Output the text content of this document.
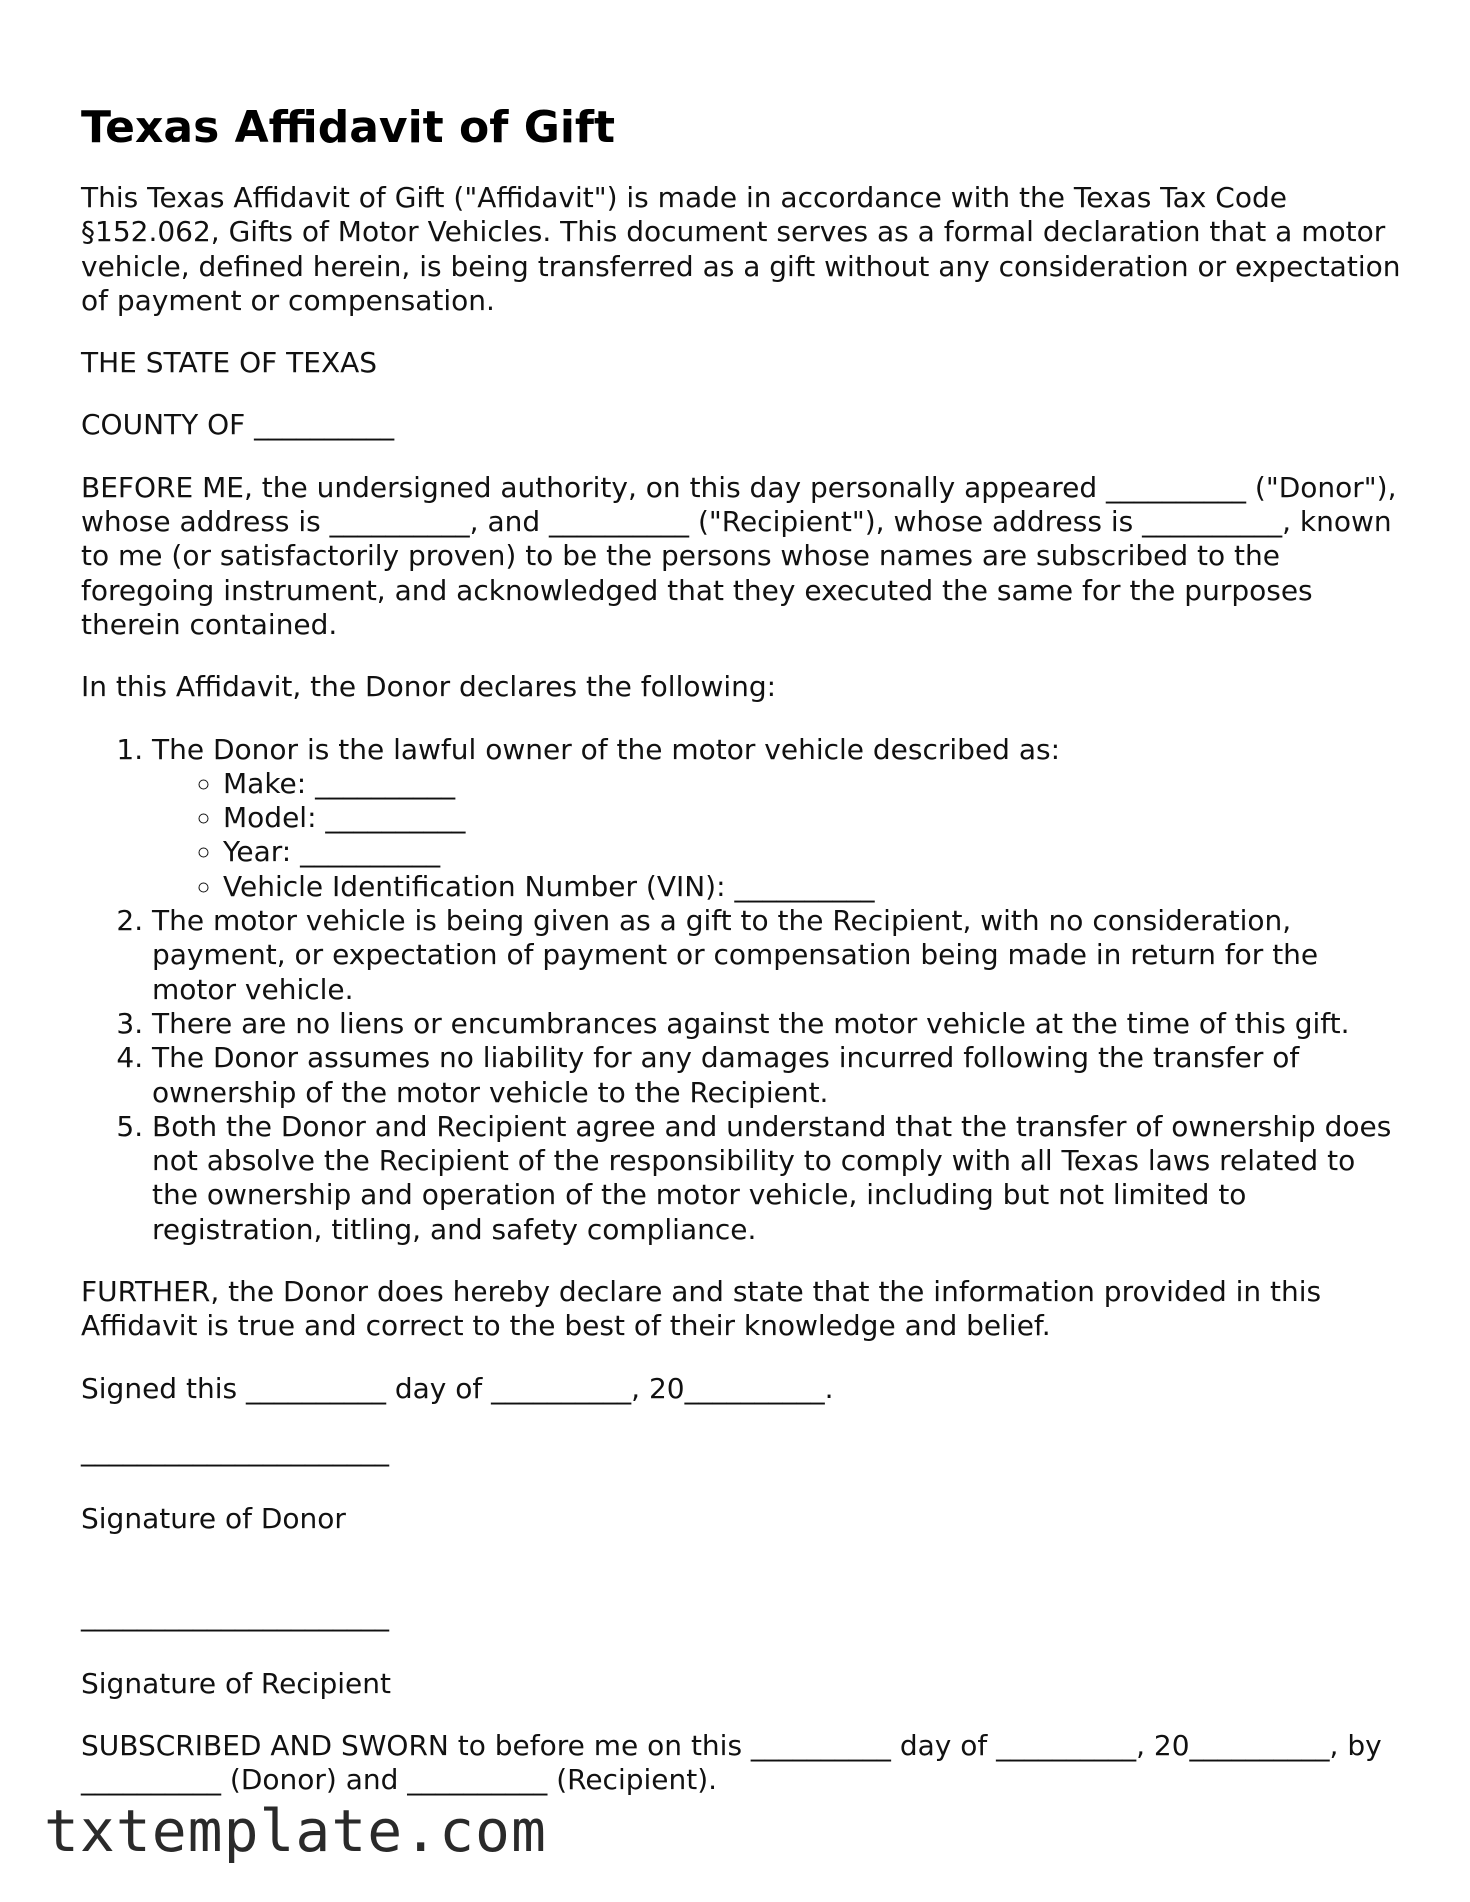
Texas Affidavit of Gift

This Texas Affidavit of Gift ("Affidavit") is made in accordance with the Texas Tax Code §152.062, Gifts of Motor Vehicles. This document serves as a formal declaration that a motor vehicle, defined herein, is being transferred as a gift without any consideration or expectation of payment or compensation.

THE STATE OF TEXAS

COUNTY OF __________

BEFORE ME, the undersigned authority, on this day personally appeared __________ ("Donor"), whose address is __________, and __________ ("Recipient"), whose address is __________, known to me (or satisfactorily proven) to be the persons whose names are subscribed to the foregoing instrument, and acknowledged that they executed the same for the purposes therein contained.

In this Affidavit, the Donor declares the following:

1. The Donor is the lawful owner of the motor vehicle described as:
◦ Make: __________
◦ Model: __________
◦ Year: __________
◦ Vehicle Identification Number (VIN): __________
2. The motor vehicle is being given as a gift to the Recipient, with no consideration, payment, or expectation of payment or compensation being made in return for the motor vehicle.
3. There are no liens or encumbrances against the motor vehicle at the time of this gift.
4. The Donor assumes no liability for any damages incurred following the transfer of ownership of the motor vehicle to the Recipient.
5. Both the Donor and Recipient agree and understand that the transfer of ownership does not absolve the Recipient of the responsibility to comply with all Texas laws related to the ownership and operation of the motor vehicle, including but not limited to registration, titling, and safety compliance.

FURTHER, the Donor does hereby declare and state that the information provided in this Affidavit is true and correct to the best of their knowledge and belief.

Signed this __________ day of __________, 20__________.

______________________
Signature of Donor
______________________

Signature of Recipient

SUBSCRIBED AND SWORN to before me on this __________ day of __________, 20__________, by __________ (Donor) and __________ (Recipient).

txtemplate.com
